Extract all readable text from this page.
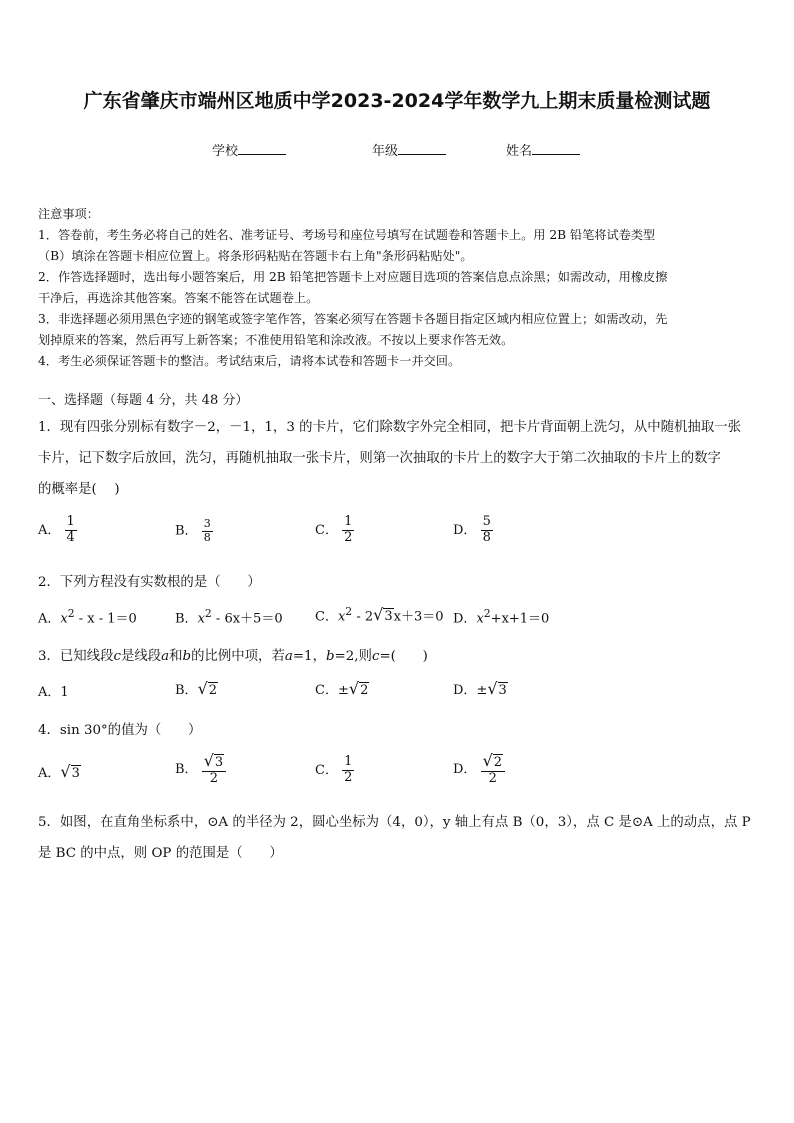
广东省肇庆市端州区地质中学2023-2024学年数学九上期末质量检测试题
学校	年级	姓名
注意事项：
1．答卷前，考生务必将自己的姓名、准考证号、考场号和座位号填写在试题卷和答题卡上。用 2B 铅笔将试卷类型
（B）填涂在答题卡相应位置上。将条形码粘贴在答题卡右上角"条形码粘贴处"。
2．作答选择题时，选出每小题答案后，用 2B 铅笔把答题卡上对应题目选项的答案信息点涂黑；如需改动，用橡皮擦
干净后，再选涂其他答案。答案不能答在试题卷上。
3．非选择题必须用黑色字迹的钢笔或签字笔作答，答案必须写在答题卡各题目指定区域内相应位置上；如需改动，先
划掉原来的答案，然后再写上新答案；不准使用铅笔和涂改液。不按以上要求作答无效。
4．考生必须保证答题卡的整洁。考试结束后，请将本试卷和答题卡一并交回。
一、选择题（每题 4 分，共 48 分）
1．现有四张分别标有数字－2，－1，1，3 的卡片，它们除数字外完全相同，把卡片背面朝上洗匀，从中随机抽取一张
卡片，记下数字后放回，洗匀，再随机抽取一张卡片，则第一次抽取的卡片上的数字大于第二次抽取的卡片上的数字
的概率是(　 )
A． $\frac{1}{4}$	B． $\frac{3}{8}$	C． $\frac{1}{2}$	D． $\frac{5}{8}$
2．下列方程没有实数根的是（　　）
A．$x^2 - x - 1=0$	B．$x^2 - 6x+5=0$ C．$x^2 - 2√3x+3=0$ D．$x^2+x+1=0$
3．已知线段c是线段a和b的比例中项，若a=1，b=2,则c=(　　)
A．1	B．√2	C．±√2	D．±√3
4．sin 30°的值为（　　）
A．√3	B． $\frac{√3}{2}$	C． $\frac{1}{2}$	D． $\frac{√2}{2}$
5．如图，在直角坐标系中，⊙A 的半径为 2，圆心坐标为（4，0），y 轴上有点 B（0，3），点 C 是⊙A 上的动点，点 P
是 BC 的中点，则 OP 的范围是（　　）
